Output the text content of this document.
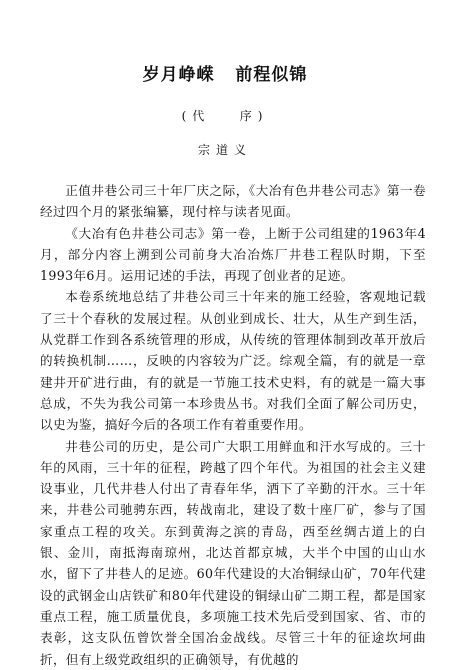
岁月峥嵘   前程似锦
(代   序)
宗道义

正值井巷公司三十年厂庆之际，《大冶有色井巷公司志》第一卷经过四个月的紧张编纂，现付梓与读者见面。

《大冶有色井巷公司志》第一卷，上断于公司组建的1963年4月，部分内容上溯到公司前身大冶冶炼厂井巷工程队时期，下至1993年6月。运用记述的手法，再现了创业者的足迹。

本卷系统地总结了井巷公司三十年来的施工经验，客观地记载了三十个春秋的发展过程。从创业到成长、壮大，从生产到生活，从党群工作到各系统管理的形成，从传统的管理体制到改革开放后的转换机制……，反映的内容较为广泛。综观全篇，有的就是一章建井开矿进行曲，有的就是一节施工技术史料，有的就是一篇大事总成，不失为我公司第一本珍贵丛书。对我们全面了解公司历史，以史为鉴，搞好今后的各项工作有着重要作用。

井巷公司的历史，是公司广大职工用鲜血和汗水写成的。三十年的风雨，三十年的征程，跨越了四个年代。为祖国的社会主义建设事业，几代井巷人付出了青春年华，洒下了辛勤的汗水。三十年来，井巷公司驰骋东西，转战南北，建设了数十座厂矿，参与了国家重点工程的攻关。东到黄海之滨的青岛，西至丝绸古道上的白银、金川，南抵海南琼州，北达首都京城，大半个中国的山山水水，留下了井巷人的足迹。60年代建设的大冶铜绿山矿，70年代建设的武钢金山店铁矿和80年代建设的铜绿山矿二期工程，都是国家重点工程，施工质量优良，多项施工技术先后受到国家、省、市的表彰，这支队伍曾饮誉全国冶金战线。尽管三十年的征途坎坷曲折，但有上级党政组织的正确领导，有优越的
